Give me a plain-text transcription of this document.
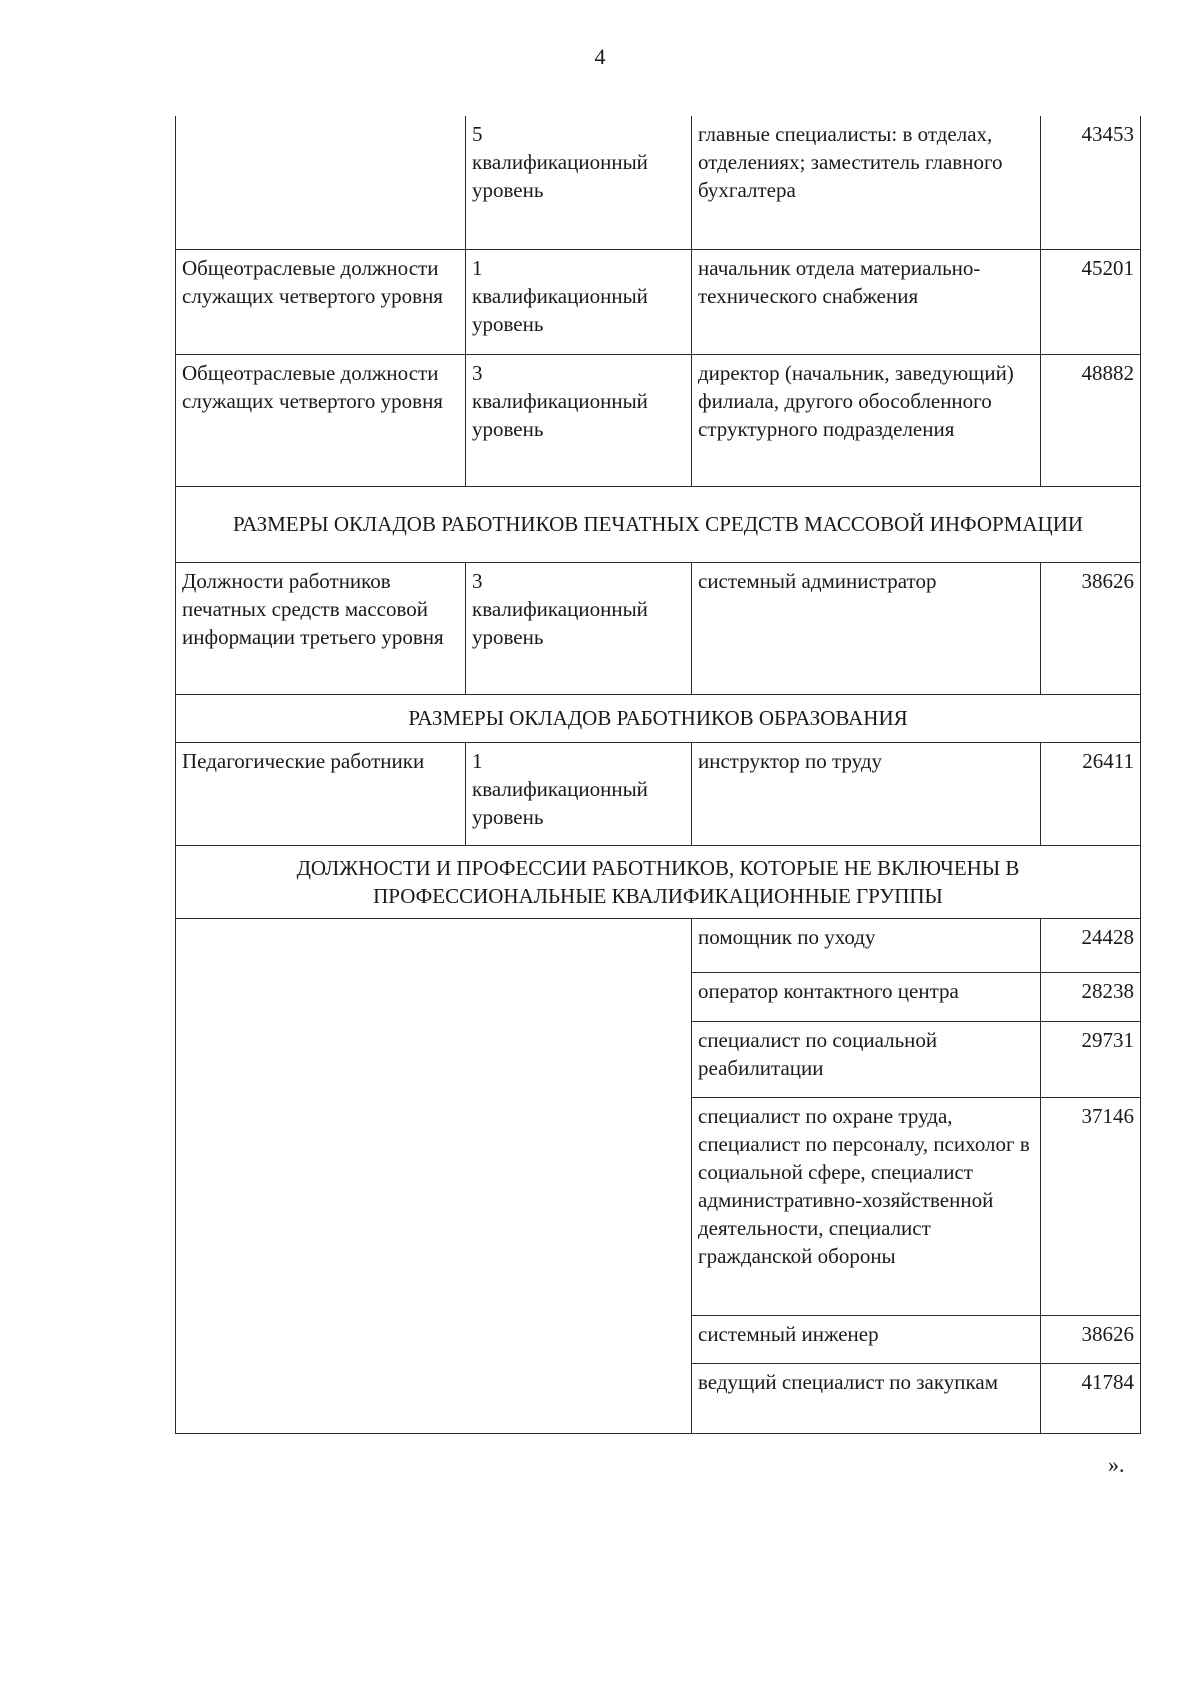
4
	5
квалификационный
уровень	главные специалисты: в отделах, отделениях; заместитель главного бухгалтера	43453
Общеотраслевые должности служащих четвертого уровня	1
квалификационный
уровень	начальник отдела материально-технического снабжения	45201
Общеотраслевые должности служащих четвертого уровня	3
квалификационный
уровень	директор (начальник, заведующий) филиала, другого обособленного структурного подразделения	48882
РАЗМЕРЫ ОКЛАДОВ РАБОТНИКОВ ПЕЧАТНЫХ СРЕДСТВ МАССОВОЙ ИНФОРМАЦИИ			
Должности работников печатных средств массовой информации третьего уровня	3
квалификационный
уровень	системный администратор	38626
РАЗМЕРЫ ОКЛАДОВ РАБОТНИКОВ ОБРАЗОВАНИЯ			
Педагогические работники	1
квалификационный
уровень	инструктор по труду	26411
ДОЛЖНОСТИ И ПРОФЕССИИ РАБОТНИКОВ, КОТОРЫЕ НЕ ВКЛЮЧЕНЫ В ПРОФЕССИОНАЛЬНЫЕ КВАЛИФИКАЦИОННЫЕ ГРУППЫ			
		помощник по уходу	24428
		оператор контактного центра	28238
		специалист по социальной реабилитации	29731
		специалист по охране труда, специалист по персоналу, психолог в социальной сфере, специалист административно-хозяйственной деятельности, специалист гражданской обороны	37146
		системный инженер	38626
		ведущий специалист по закупкам	41784
».
